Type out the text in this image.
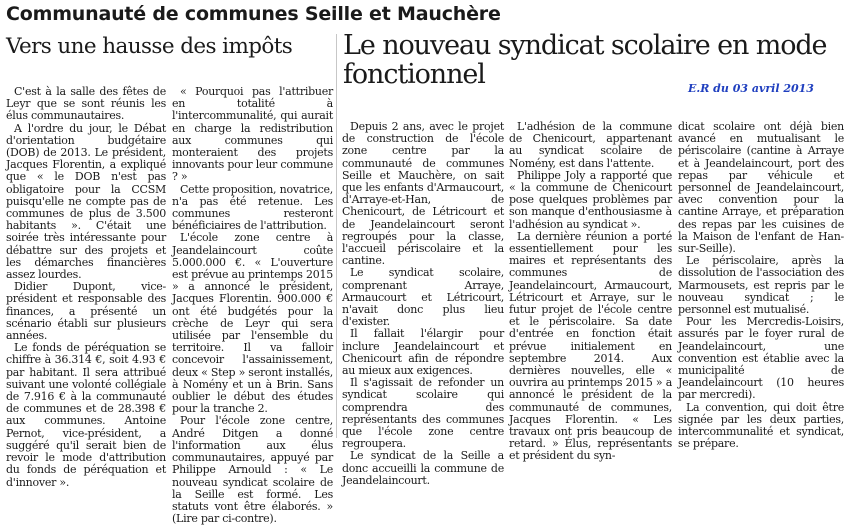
Communauté de communes Seille et Mauchère
Vers une hausse des impôts Le nouveau syndicat scolaire en mode fonctionnel	E.R du 03 avril 2013

C'est à la salle des fêtes de Leyr que se sont réunis les élus communautaires.

A l'ordre du jour, le Débat d'orientation budgétaire (DOB) de 2013. Le président, Jacques Florentin, a expliqué que « le DOB n'est pas obligatoire pour la CCSM puisqu'elle ne compte pas de communes de plus de 3.500 habitants ». C'était une soirée très intéressante pour débattre sur des projets et les démarches financières assez lourdes.

Didier Dupont, vice-président et responsable des finances, a présenté un scénario établi sur plusieurs années.

Le fonds de péréquation se chiffre à 36.314 €, soit 4.93 € par habitant. Il sera attribué suivant une volonté collégiale de 7.916 € à la communauté de communes et de 28.398 € aux communes. Antoine Pernot, vice-président, a suggéré qu'il serait bien de revoir le mode d'attribution du fonds de péréquation et d'innover ».

« Pourquoi pas l'attribuer en totalité à l'intercommunalité, qui aurait en charge la redistribution aux communes qui monteraient des projets innovants pour leur commune ? »

Cette proposition, novatrice, n'a pas été retenue. Les communes resteront bénéficiaires de l'attribution.

L'école zone centre à Jeandelaincourt coûte 5.000.000 €. « L'ouverture est prévue au printemps 2015 » a annoncé le président, Jacques Florentin. 900.000 € ont été budgétés pour la crèche de Leyr qui sera utilisée par l'ensemble du territoire. Il va falloir concevoir l'assainissement, deux « Step » seront installés, à Nomény et un à Brin. Sans oublier le début des études pour la tranche 2.

Pour l'école zone centre, André Ditgen a donné l'information aux élus communautaires, appuyé par Philippe Arnould : « Le nouveau syndicat scolaire de la Seille est formé. Les statuts vont être élaborés. » (Lire par ci-contre).

Depuis 2 ans, avec le projet de construction de l'école zone centre par la communauté de communes Seille et Mauchère, on sait que les enfants d'Armaucourt, d'Arraye-et-Han, de Chenicourt, de Létricourt et de Jeandelaincourt seront regroupés pour la classe, l'accueil périscolaire et la cantine.

Le syndicat scolaire, comprenant Arraye, Armaucourt et Létricourt, n'avait donc plus lieu d'exister.

Il fallait l'élargir pour inclure Jeandelaincourt et Chenicourt afin de répondre au mieux aux exigences.

Il s'agissait de refonder un syndicat scolaire qui comprendra des représentants des communes que l'école zone centre regroupera.

Le syndicat de la Seille a donc accueilli la commune de Jeandelaincourt.

L'adhésion de la commune de Chenicourt, appartenant au syndicat scolaire de Nomény, est dans l'attente.

Philippe Joly a rapporté que « la commune de Chenicourt pose quelques problèmes par son manque d'enthousiasme à l'adhésion au syndicat ».

La dernière réunion a porté essentiellement pour les maires et représentants des communes de Jeandelaincourt, Armaucourt, Létricourt et Arraye, sur le futur projet de l'école centre et le périscolaire. Sa date d'entrée en fonction était prévue initialement en septembre 2014. Aux dernières nouvelles, elle « ouvrira au printemps 2015 » a annoncé le président de la communauté de communes, Jacques Florentin. « Les travaux ont pris beaucoup de retard. » Élus, représentants et président du syn-

dicat scolaire ont déjà bien avancé en mutualisant le périscolaire (cantine à Arraye et à Jeandelaincourt, port des repas par véhicule et personnel de Jeandelaincourt, avec convention pour la cantine Arraye, et préparation des repas par les cuisines de la Maison de l'enfant de Han-sur-Seille).

Le périscolaire, après la dissolution de l'association des Marmousets, est repris par le nouveau syndicat ; le personnel est mutualisé.

Pour les Mercredis-Loisirs, assurés par le foyer rural de Jeandelaincourt, une convention est établie avec la municipalité de Jeandelaincourt (10 heures par mercredi).

La convention, qui doit être signée par les deux parties, intercommunalité et syndicat, se prépare.
